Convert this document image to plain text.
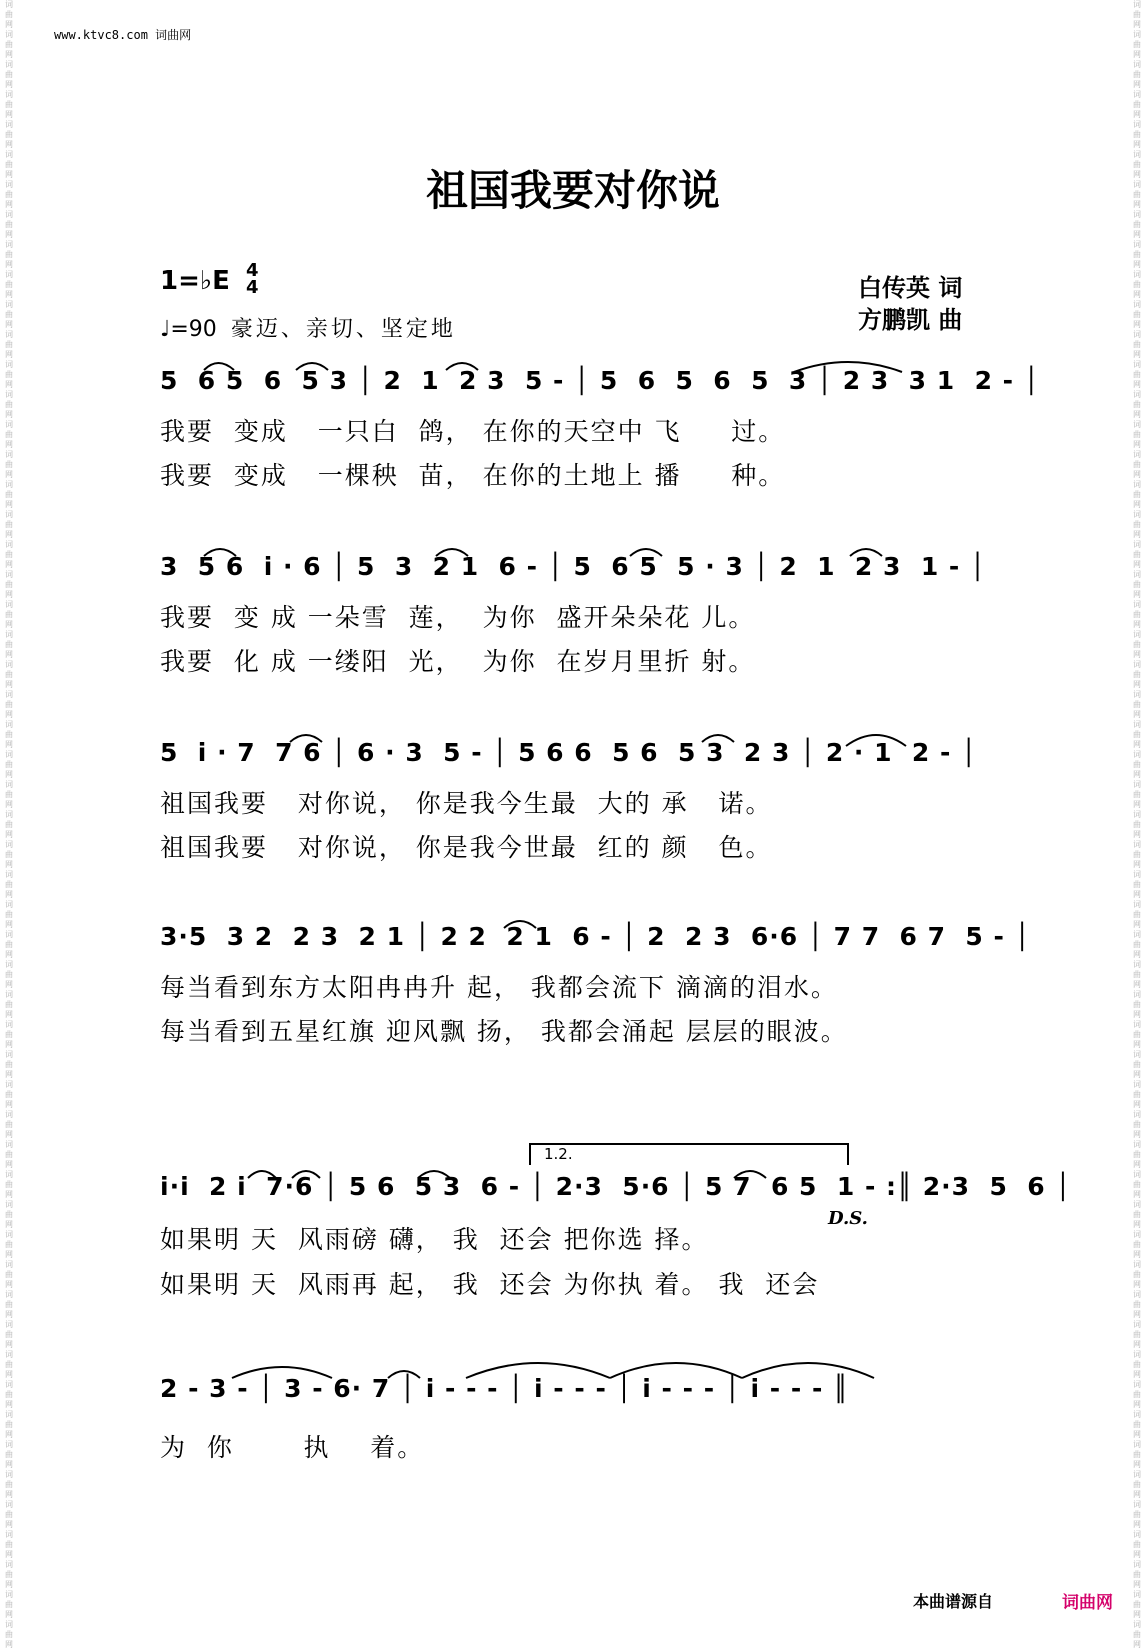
词曲网 词曲网 词曲网 词曲网 词曲网 词曲网 词曲网 词曲网 词曲网 词曲网 词曲网 词曲网 词曲网 词曲网 词曲网 词曲网 词曲网 词曲网 词曲网 词曲网 词曲网 词曲网 词曲网 词曲网 词曲网 词曲网 词曲网 词曲网 词曲网 词曲网 词曲网 词曲网 词曲网 词曲网 词曲网 词曲网 词曲网 词曲网 词曲网 词曲网 词曲网 词曲网 词曲网 词曲网 词曲网 词曲网 词曲网 词曲网 词曲网 词曲网 词曲网 词曲网 词曲网 词曲网 词曲网
词曲网 词曲网 词曲网 词曲网 词曲网 词曲网 词曲网 词曲网 词曲网 词曲网 词曲网 词曲网 词曲网 词曲网 词曲网 词曲网 词曲网 词曲网 词曲网 词曲网 词曲网 词曲网 词曲网 词曲网 词曲网 词曲网 词曲网 词曲网 词曲网 词曲网 词曲网 词曲网 词曲网 词曲网 词曲网 词曲网 词曲网 词曲网 词曲网 词曲网 词曲网 词曲网 词曲网 词曲网 词曲网 词曲网 词曲网 词曲网 词曲网 词曲网 词曲网 词曲网 词曲网 词曲网 词曲网
www.ktvc8.com 词曲网
祖国我要对你说
1=♭E 4
4
♩=90 豪迈、亲切、坚定地
白传英 词
方鹏凯 曲
5  6 5  6  5 3 │ 2  1  2 3  5 - │ 5  6  5  6  5  3 │ 2 3  3 1  2 - │
我要  变成   一只白  鸽， 在你的天空中 飞     过。
我要  变成   一棵秧  苗， 在你的土地上 播     种。
3  5 6  i · 6 │ 5  3  2 1  6 - │ 5  6 5  5 · 3 │ 2  1  2 3  1 - │
我要  变 成 一朵雪  莲，  为你  盛开朵朵花 儿。
我要  化 成 一缕阳  光，  为你  在岁月里折 射。
5  i · 7  7 6 │ 6 · 3  5 - │ 5 6 6  5 6  5 3  2 3 │ 2 · 1  2 - │
祖国我要   对你说， 你是我今生最  大的 承   诺。
祖国我要   对你说， 你是我今世最  红的 颜   色。
3·5  3 2  2 3  2 1 │ 2 2  2 1  6 - │ 2  2 3  6·6 │ 7 7  6 7  5 - │
每当看到东方太阳冉冉升 起， 我都会流下 滴滴的泪水。
每当看到五星红旗 迎风飘 扬， 我都会涌起 层层的眼波。
1.2.
i·i  2 i  7·6 │ 5 6  5 3  6 - │ 2·3  5·6 │ 5 7  6 5  1 - :║ 2·3  5  6 │
D.S.
如果明 天  风雨磅 礴， 我  还会 把你选 择。
如果明 天  风雨再 起， 我  还会 为你执 着。 我  还会
2 - 3 - │ 3 - 6· 7 │ i - - - │ i - - - │ i - - - │ i - - - ║
为  你       执    着。
本曲谱源自	词曲网
